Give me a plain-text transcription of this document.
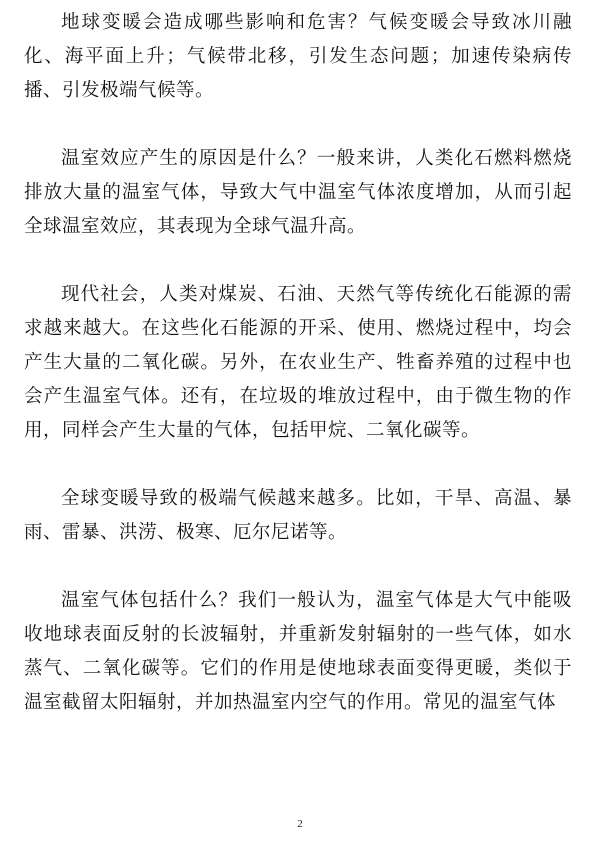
地球变暖会造成哪些影响和危害？气候变暖会导致冰川融化、海平面上升；气候带北移，引发生态问题；加速传染病传播、引发极端气候等。

温室效应产生的原因是什么？一般来讲，人类化石燃料燃烧排放大量的温室气体，导致大气中温室气体浓度增加，从而引起全球温室效应，其表现为全球气温升高。

现代社会，人类对煤炭、石油、天然气等传统化石能源的需求越来越大。在这些化石能源的开采、使用、燃烧过程中，均会产生大量的二氧化碳。另外，在农业生产、牲畜养殖的过程中也会产生温室气体。还有，在垃圾的堆放过程中，由于微生物的作用，同样会产生大量的气体，包括甲烷、二氧化碳等。

全球变暖导致的极端气候越来越多。比如，干旱、高温、暴雨、雷暴、洪涝、极寒、厄尔尼诺等。

温室气体包括什么？我们一般认为，温室气体是大气中能吸收地球表面反射的长波辐射，并重新发射辐射的一些气体，如水蒸气、二氧化碳等。它们的作用是使地球表面变得更暖，类似于温室截留太阳辐射，并加热温室内空气的作用。常见的温室气体

2
